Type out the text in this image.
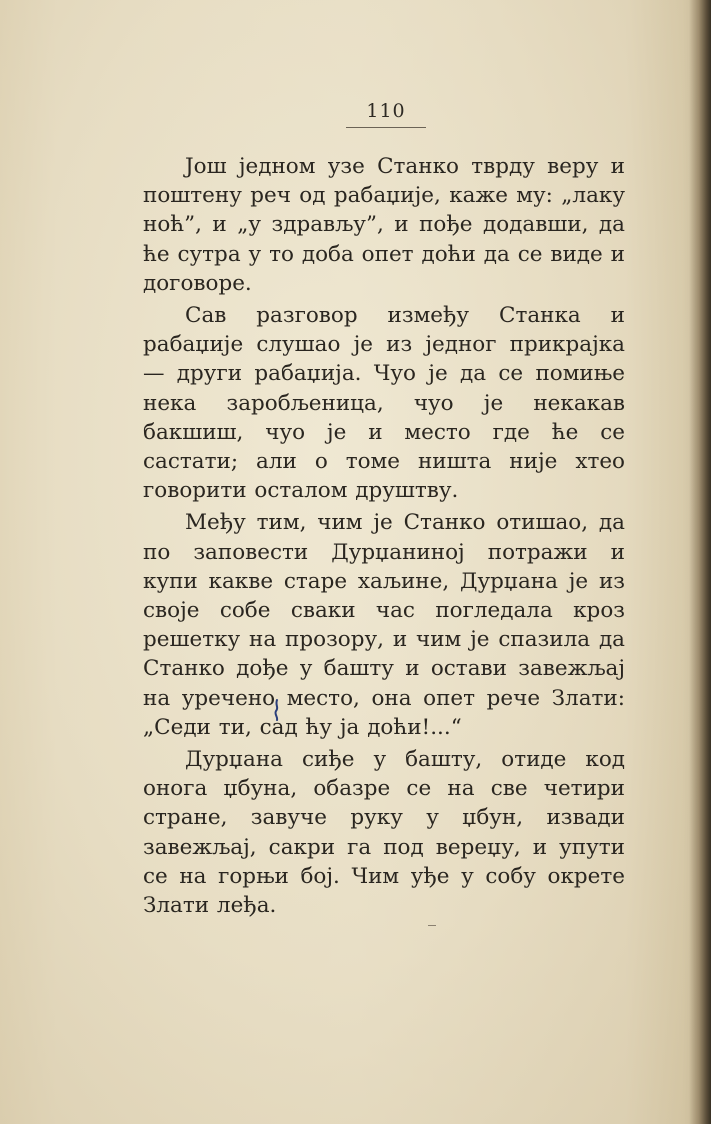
110

Још једном узе Станко тврду веру и поштену реч од рабаџије, каже му: „лаку ноћ”, и „у здрављу”, и пође додавши, да ће сутра у то доба опет доћи да се виде и договоре.

Сав разговор између Станка и рабаџије слушао је из једног прикрајка — други рабаџија. Чуо је да се помиње нека заробљеница, чуо је некакав бакшиш, чуо је и место где ће се састати; али о томе ништа није хтео говорити осталом друштву.

Међу тим, чим је Станко отишао, да по заповести Дурџанинoj потражи и купи какве старе хаљине, Дурџана је из своје собе сваки час погледала кроз решетку на прозору, и чим је спазила да Станко дође у башту и остави завежљај на уречено место, она опет рече Злати: „Седи ти, сад ћу ја доћи!...“

Дурџана сиђе у башту, отиде код онога џбуна, обазре се на све четири стране, завуче руку у џбун, извади завежљај, сакри га под вереџу, и упути се на горњи бој. Чим уђе у собу окрете Злати леђа.
